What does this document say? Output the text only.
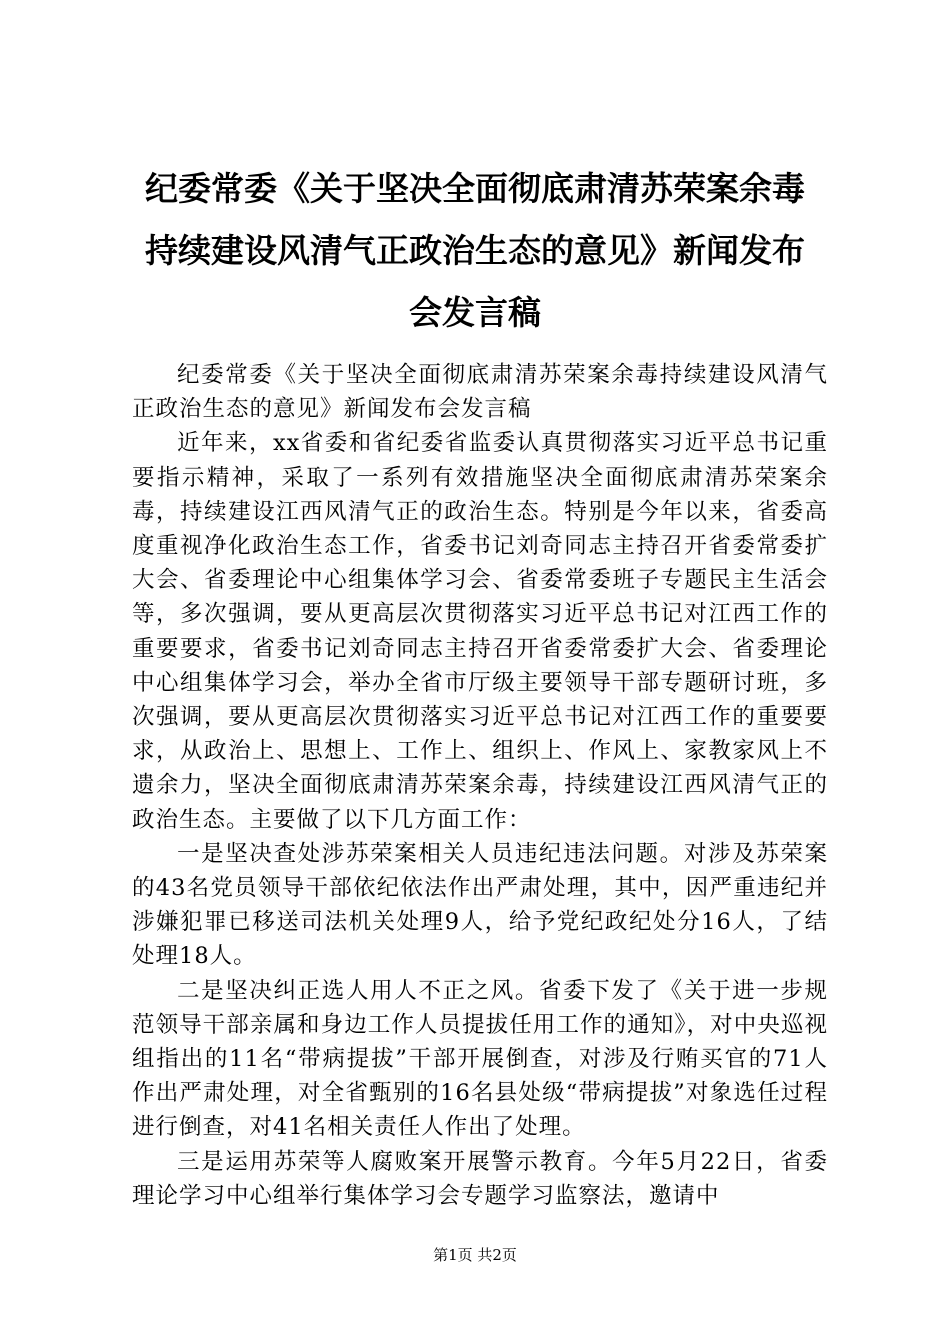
纪委常委《关于坚决全面彻底肃清苏荣案余毒
持续建设风清气正政治生态的意见》新闻发布
会发言稿

纪委常委《关于坚决全面彻底肃清苏荣案余毒持续建设风清气正政治生态的意见》新闻发布会发言稿

近年来，xx省委和省纪委省监委认真贯彻落实习近平总书记重要指示精神，采取了一系列有效措施坚决全面彻底肃清苏荣案余毒，持续建设江西风清气正的政治生态。特别是今年以来，省委高度重视净化政治生态工作，省委书记刘奇同志主持召开省委常委扩大会、省委理论中心组集体学习会、省委常委班子专题民主生活会等，多次强调，要从更高层次贯彻落实习近平总书记对江西工作的重要要求，省委书记刘奇同志主持召开省委常委扩大会、省委理论中心组集体学习会，举办全省市厅级主要领导干部专题研讨班，多次强调，要从更高层次贯彻落实习近平总书记对江西工作的重要要求，从政治上、思想上、工作上、组织上、作风上、家教家风上不遗余力，坚决全面彻底肃清苏荣案余毒，持续建设江西风清气正的政治生态。主要做了以下几方面工作：

一是坚决查处涉苏荣案相关人员违纪违法问题。对涉及苏荣案的43名党员领导干部依纪依法作出严肃处理，其中，因严重违纪并涉嫌犯罪已移送司法机关处理9人，给予党纪政纪处分16人，了结处理18人。

二是坚决纠正选人用人不正之风。省委下发了《关于进一步规范领导干部亲属和身边工作人员提拔任用工作的通知》，对中央巡视组指出的11名“带病提拔”干部开展倒查，对涉及行贿买官的71人作出严肃处理，对全省甄别的16名县处级“带病提拔”对象选任过程进行倒查，对41名相关责任人作出了处理。

三是运用苏荣等人腐败案开展警示教育。今年5月22日，省委理论学习中心组举行集体学习会专题学习监察法，邀请中

第1页 共2页
